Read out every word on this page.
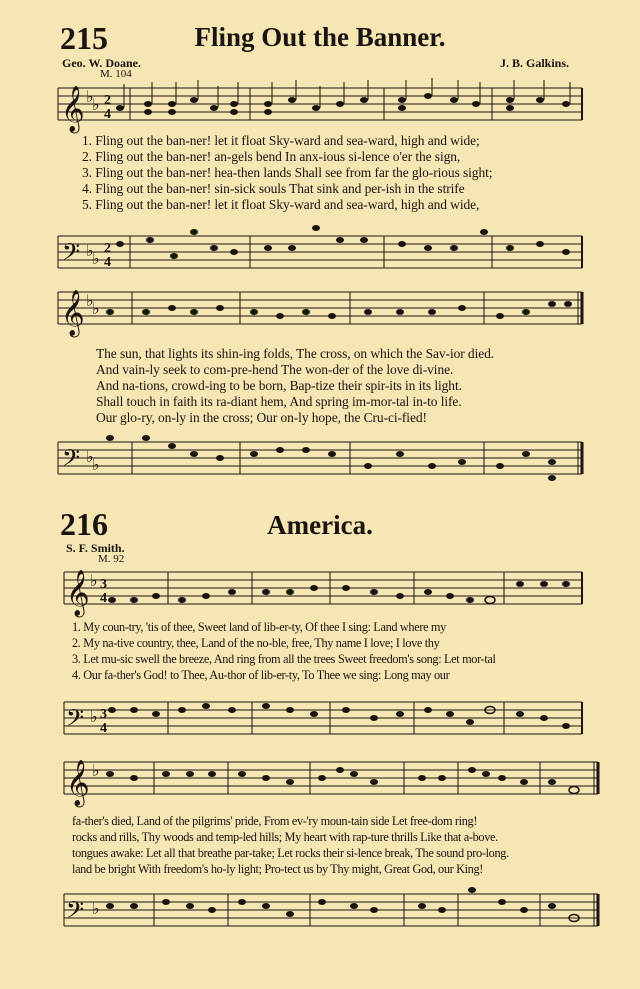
215	Fling Out the Banner.
Geo. W. Doane.	J. B. Galkins.
M. 104
𝄞 ♭
♭ 2
4
1. Fling out the ban-ner! let it float Sky-ward and sea-ward, high and wide;
2. Fling out the ban-ner! an-gels bend In anx-ious si-lence o'er the sign,
3. Fling out the ban-ner! hea-then lands Shall see from far the glo-rious sight;
4. Fling out the ban-ner! sin-sick souls That sink and per-ish in the strife
5. Fling out the ban-ner! let it float Sky-ward and sea-ward, high and wide,
𝄢 ♭
♭
2
4
𝄞 ♭
♭
The sun, that lights its shin-ing folds, The cross, on which the Sav-ior died.
And vain-ly seek to com-pre-hend The won-der of the love di-vine.
And na-tions, crowd-ing to be born, Bap-tize their spir-its in its light.
Shall touch in faith its ra-diant hem, And spring im-mor-tal in-to life.
Our glo-ry, on-ly in the cross; Our on-ly hope, the Cru-ci-fied!
𝄢 ♭
♭
216	America.
S. F. Smith.
M. 92
𝄞 ♭ 3
4
1. My coun-try, 'tis of thee, Sweet land of lib-er-ty, Of thee I sing: Land where my
2. My na-tive country, thee, Land of the no-ble, free, Thy name I love; I love thy
3. Let mu-sic swell the breeze, And ring from all the trees Sweet freedom's song: Let mor-tal
4. Our fa-ther's God! to Thee, Au-thor of lib-er-ty, To Thee we sing: Long may our
𝄢 ♭ 3
4
𝄞 ♭
fa-ther's died, Land of the pilgrims' pride, From ev-'ry moun-tain side Let free-dom ring!
rocks and rills, Thy woods and temp-led hills; My heart with rap-ture thrills Like that a-bove.
tongues awake: Let all that breathe par-take; Let rocks their si-lence break, The sound pro-long.
land be bright With freedom's ho-ly light; Pro-tect us by Thy might, Great God, our King!
𝄢 ♭
